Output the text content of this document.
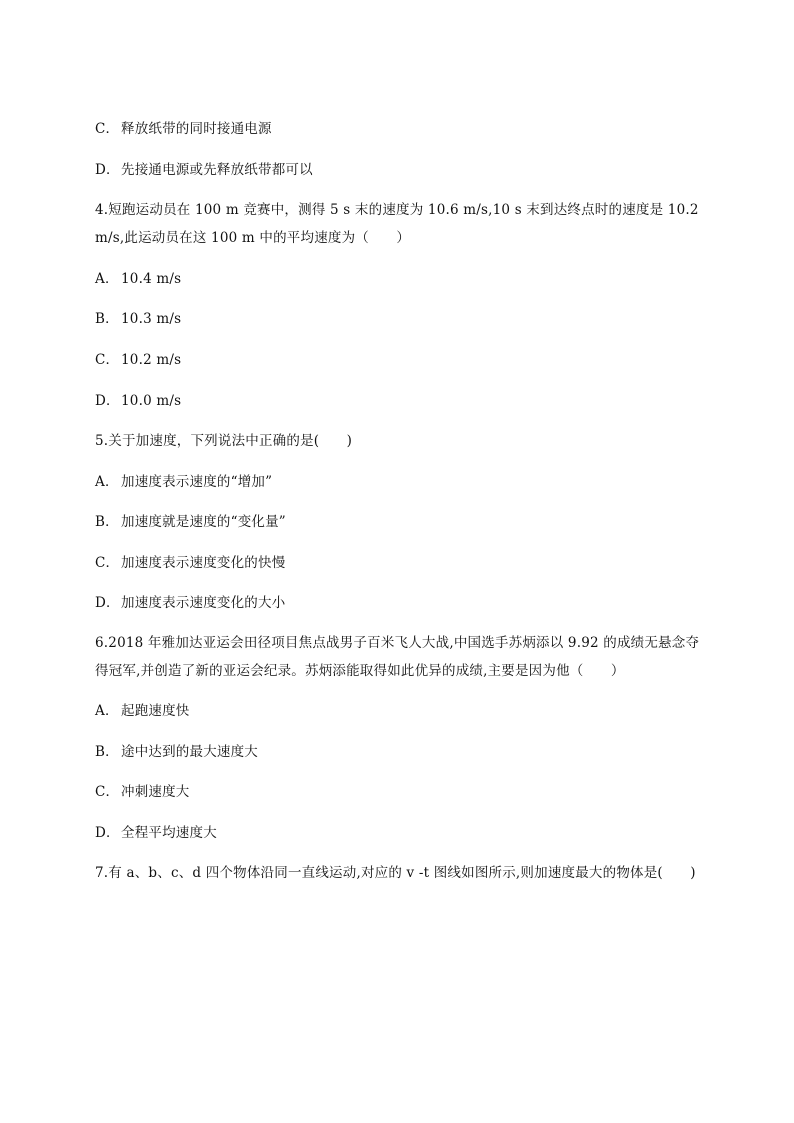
C． 释放纸带的同时接通电源
D．先接通电源或先释放纸带都可以
4.短跑运动员在 100 m 竞赛中，测得 5 s 末的速度为 10.6 m/s,10 s 末到达终点时的速度是 10.2
m/s,此运动员在这 100 m 中的平均速度为（　　）
A． 10.4 m/s
B． 10.3 m/s
C． 10.2 m/s
D．10.0 m/s
5.关于加速度，下列说法中正确的是(　　)
A． 加速度表示速度的“增加”
B． 加速度就是速度的“变化量”
C． 加速度表示速度变化的快慢
D．加速度表示速度变化的大小
6.2018 年雅加达亚运会田径项目焦点战男子百米飞人大战,中国选手苏炳添以 9.92 的成绩无悬念夺
得冠军,并创造了新的亚运会纪录。苏炳添能取得如此优异的成绩,主要是因为他（　　）
A． 起跑速度快
B． 途中达到的最大速度大
C． 冲刺速度大
D．全程平均速度大
7.有 a、b、c、d 四个物体沿同一直线运动,对应的 v -t 图线如图所示,则加速度最大的物体是(　　)
